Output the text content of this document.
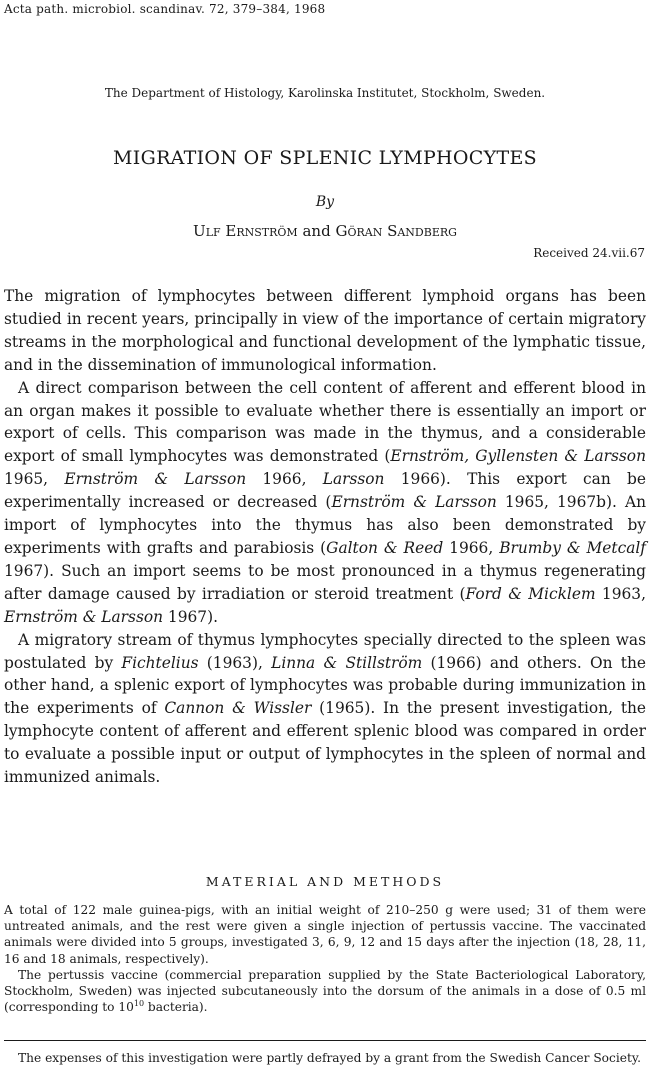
Acta path. microbiol. scandinav. 72, 379–384, 1968
The Department of Histology, Karolinska Institutet, Stockholm, Sweden.
MIGRATION OF SPLENIC LYMPHOCYTES
By
Ulf Ernström and Göran Sandberg
Received 24.vii.67

The migration of lymphocytes between different lymphoid organs has been studied in recent years, principally in view of the importance of certain migratory streams in the morphological and functional development of the lymphatic tissue, and in the dissemination of immunological information.

A direct comparison between the cell content of afferent and efferent blood in an organ makes it possible to evaluate whether there is essentially an import or export of cells. This comparison was made in the thymus, and a considerable export of small lymphocytes was demonstrated (Ernström, Gyllensten & Larsson 1965, Ernström & Larsson 1966, Larsson 1966). This export can be experimentally increased or decreased (Ernström & Larsson 1965, 1967b). An import of lymphocytes into the thymus has also been demonstrated by experiments with grafts and parabiosis (Galton & Reed 1966, Brumby & Metcalf 1967). Such an import seems to be most pronounced in a thymus regenerating after damage caused by irradiation or steroid treatment (Ford & Micklem 1963, Ernström & Larsson 1967).

A migratory stream of thymus lymphocytes specially directed to the spleen was postulated by Fichtelius (1963), Linna & Stillström (1966) and others. On the other hand, a splenic export of lymphocytes was probable during immunization in the experiments of Cannon & Wissler (1965). In the present investigation, the lymphocyte content of afferent and efferent splenic blood was compared in order to evaluate a possible input or output of lymphocytes in the spleen of normal and immunized animals.

MATERIAL AND METHODS

A total of 122 male guinea-pigs, with an initial weight of 210–250 g were used; 31 of them were untreated animals, and the rest were given a single injection of pertussis vaccine. The vaccinated animals were divided into 5 groups, investigated 3, 6, 9, 12 and 15 days after the injection (18, 28, 11, 16 and 18 animals, respectively).

The pertussis vaccine (commercial preparation supplied by the State Bacteriological Laboratory, Stockholm, Sweden) was injected subcutaneously into the dorsum of the animals in a dose of 0.5 ml (corresponding to $10^{10}$ bacteria).

The expenses of this investigation were partly defrayed by a grant from the Swedish Cancer Society.
